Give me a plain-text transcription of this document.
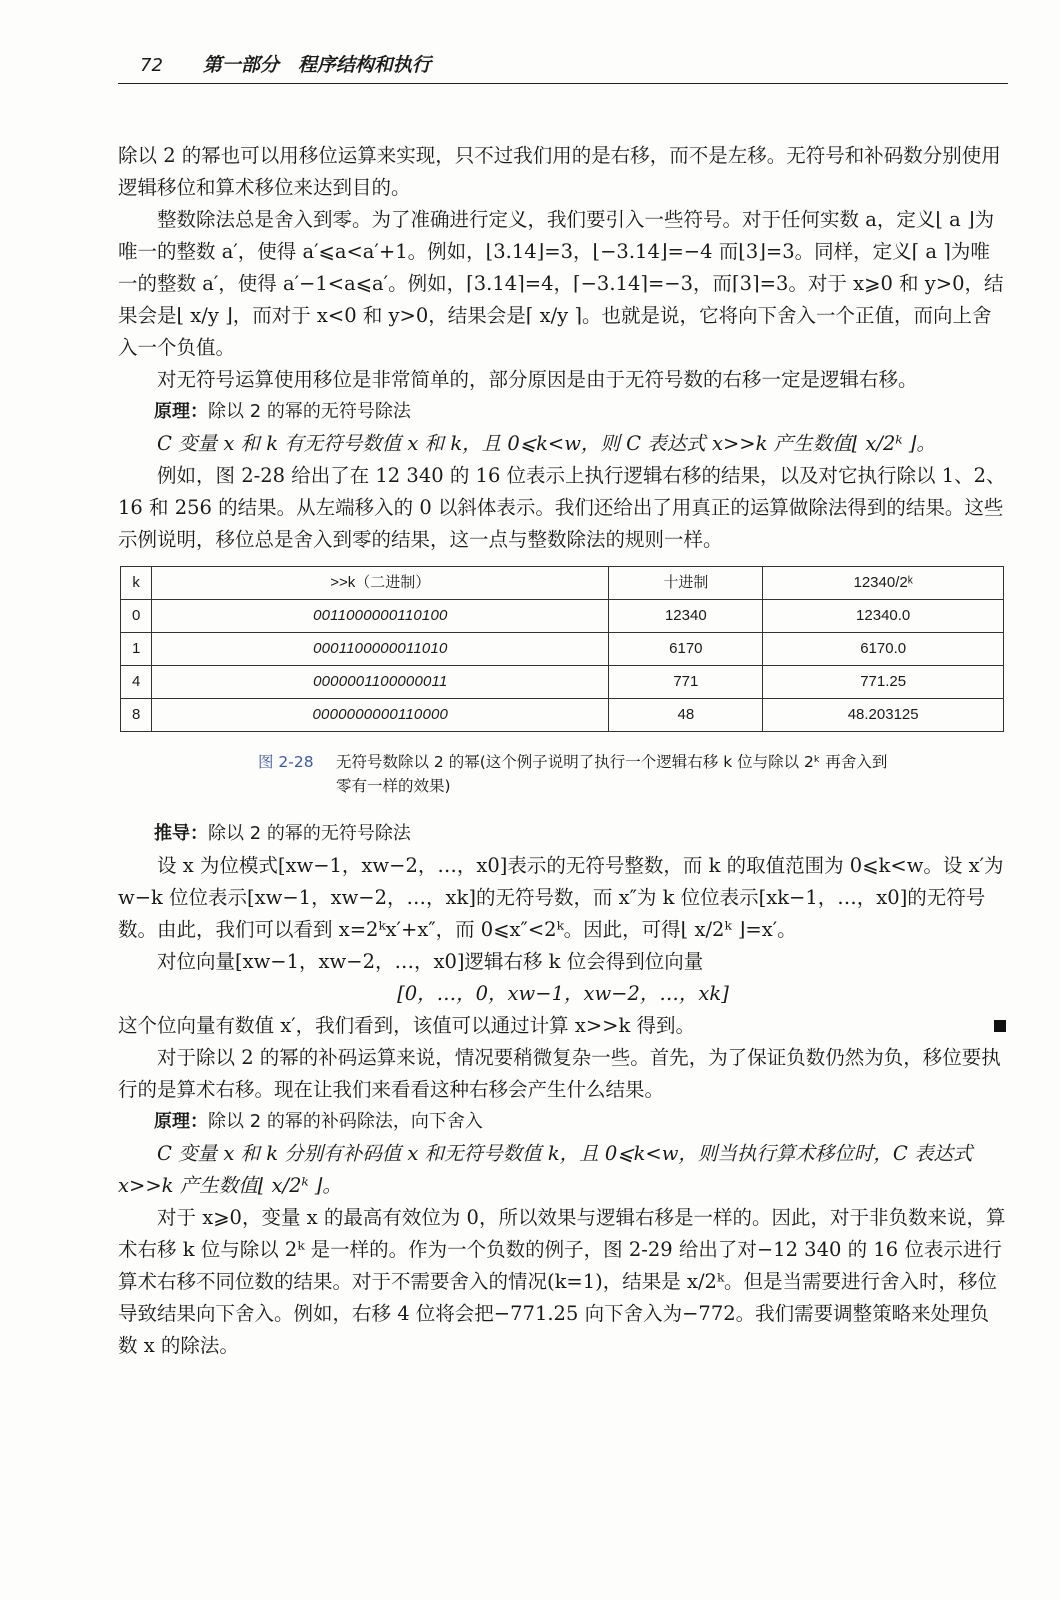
72 第一部分　程序结构和执行

除以 2 的幂也可以用移位运算来实现，只不过我们用的是右移，而不是左移。无符号和补码数分别使用逻辑移位和算术移位来达到目的。

整数除法总是舍入到零。为了准确进行定义，我们要引入一些符号。对于任何实数 a，定义⌊ a ⌋为唯一的整数 a′，使得 a′⩽a<a′+1。例如，⌊3.14⌋=3，⌊−3.14⌋=−4 而⌊3⌋=3。同样，定义⌈ a ⌉为唯一的整数 a′，使得 a′−1<a⩽a′。例如，⌈3.14⌉=4，⌈−3.14⌉=−3，而⌈3⌉=3。对于 x⩾0 和 y>0，结果会是⌊ x/y ⌋，而对于 x<0 和 y>0，结果会是⌈ x/y ⌉。也就是说，它将向下舍入一个正值，而向上舍入一个负值。

对无符号运算使用移位是非常简单的，部分原因是由于无符号数的右移一定是逻辑右移。

原理：除以 2 的幂的无符号除法

C 变量 x 和 k 有无符号数值 x 和 k，且 0⩽k<w，则 C 表达式 x>>k 产生数值⌊ x/2ᵏ ⌋。

例如，图 2-28 给出了在 12 340 的 16 位表示上执行逻辑右移的结果，以及对它执行除以 1、2、16 和 256 的结果。从左端移入的 0 以斜体表示。我们还给出了用真正的运算做除法得到的结果。这些示例说明，移位总是舍入到零的结果，这一点与整数除法的规则一样。

k	>>k（二进制）	十进制	12340/2ᵏ
0	0011000000110100	12340	12340.0
1	0001100000011010	6170	6170.0
4	0000001100000011	771	771.25
8	0000000000110000	48	48.203125
图 2-28	无符号数除以 2 的幂(这个例子说明了执行一个逻辑右移 k 位与除以 2ᵏ 再舍入到零有一样的效果)

推导：除以 2 的幂的无符号除法

设 x 为位模式[xw−1，xw−2，…，x0]表示的无符号整数，而 k 的取值范围为 0⩽k<w。设 x′为 w−k 位位表示[xw−1，xw−2，…，xk]的无符号数，而 x″为 k 位位表示[xk−1，…，x0]的无符号数。由此，我们可以看到 x=2ᵏx′+x″，而 0⩽x″<2ᵏ。因此，可得⌊ x/2ᵏ ⌋=x′。

对位向量[xw−1，xw−2，…，x0]逻辑右移 k 位会得到位向量

[0，…，0，xw−1，xw−2，…，xk]

这个位向量有数值 x′，我们看到，该值可以通过计算 x>>k 得到。

对于除以 2 的幂的补码运算来说，情况要稍微复杂一些。首先，为了保证负数仍然为负，移位要执行的是算术右移。现在让我们来看看这种右移会产生什么结果。

原理：除以 2 的幂的补码除法，向下舍入

C 变量 x 和 k 分别有补码值 x 和无符号数值 k，且 0⩽k<w，则当执行算术移位时，C 表达式 x>>k 产生数值⌊ x/2ᵏ ⌋。

对于 x⩾0，变量 x 的最高有效位为 0，所以效果与逻辑右移是一样的。因此，对于非负数来说，算术右移 k 位与除以 2ᵏ 是一样的。作为一个负数的例子，图 2-29 给出了对−12 340 的 16 位表示进行算术右移不同位数的结果。对于不需要舍入的情况(k=1)，结果是 x/2ᵏ。但是当需要进行舍入时，移位导致结果向下舍入。例如，右移 4 位将会把−771.25 向下舍入为−772。我们需要调整策略来处理负数 x 的除法。
